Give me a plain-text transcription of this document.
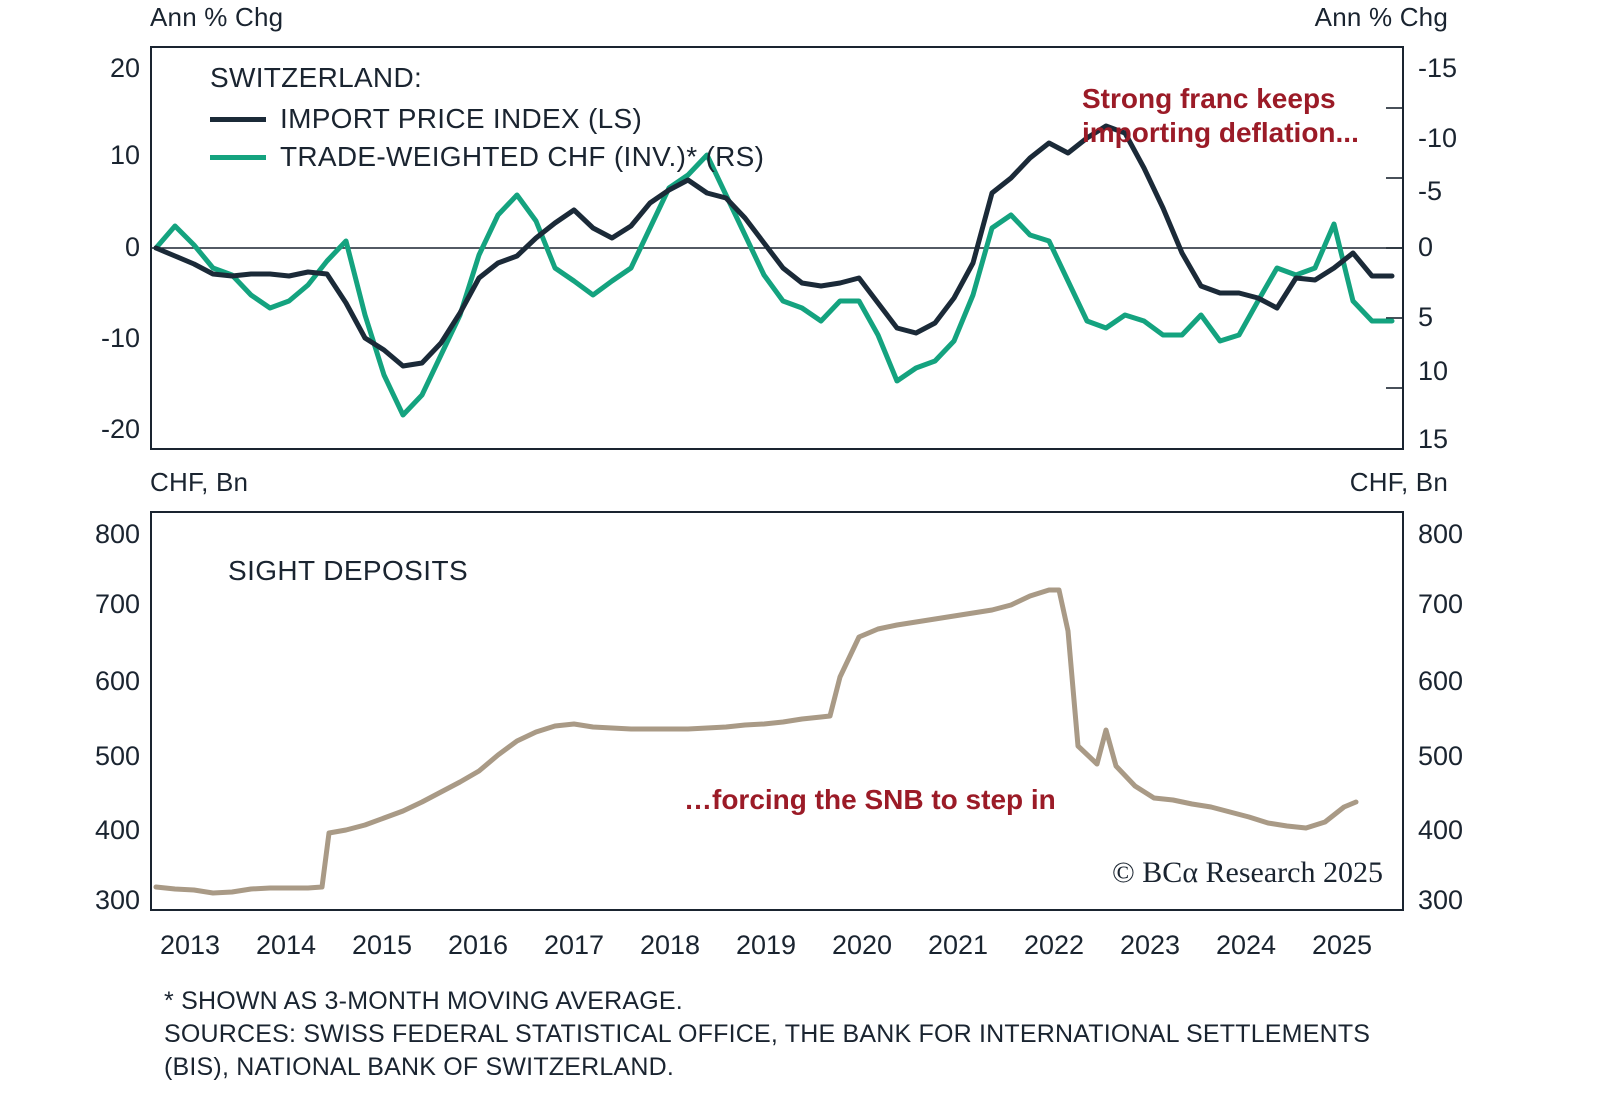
Ann % Chg	Ann % Chg
20
10
0
-10
-20
-15
-10
-5
0
5
10
15
SWITZERLAND:
IMPORT PRICE INDEX (LS)
TRADE-WEIGHTED CHF (INV.)* (RS)
Strong franc keeps
importing deflation...
CHF, Bn	CHF, Bn
SIGHT DEPOSITS
…forcing the SNB to step in
© BCα Research 2025
800
700
600
500
400
300
800
700
600
500
400
300
2013	2014	2015	2016	2017	2018	2019	2020	2021	2022	2023	2024	2025
* SHOWN AS 3-MONTH MOVING AVERAGE.
SOURCES: SWISS FEDERAL STATISTICAL OFFICE, THE BANK FOR INTERNATIONAL SETTLEMENTS
(BIS), NATIONAL BANK OF SWITZERLAND.
